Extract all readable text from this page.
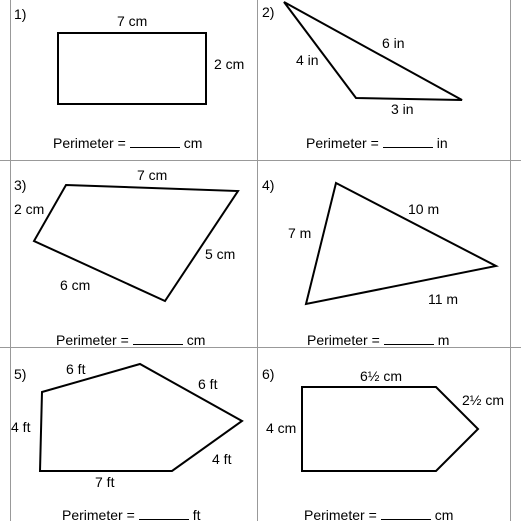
1)	7 cm
2 cm
Perimeter =	cm
2)
6 in
4 in
3 in
Perimeter =	in
3)
7 cm
2 cm
5 cm
6 cm
Perimeter =	cm
4)
10 m
7 m
11 m
Perimeter =	m
5)	6 ft
6 ft
4 ft
4 ft
7 ft
Perimeter =	ft
6)	6½ cm
2½ cm
4 cm
Perimeter =	cm
